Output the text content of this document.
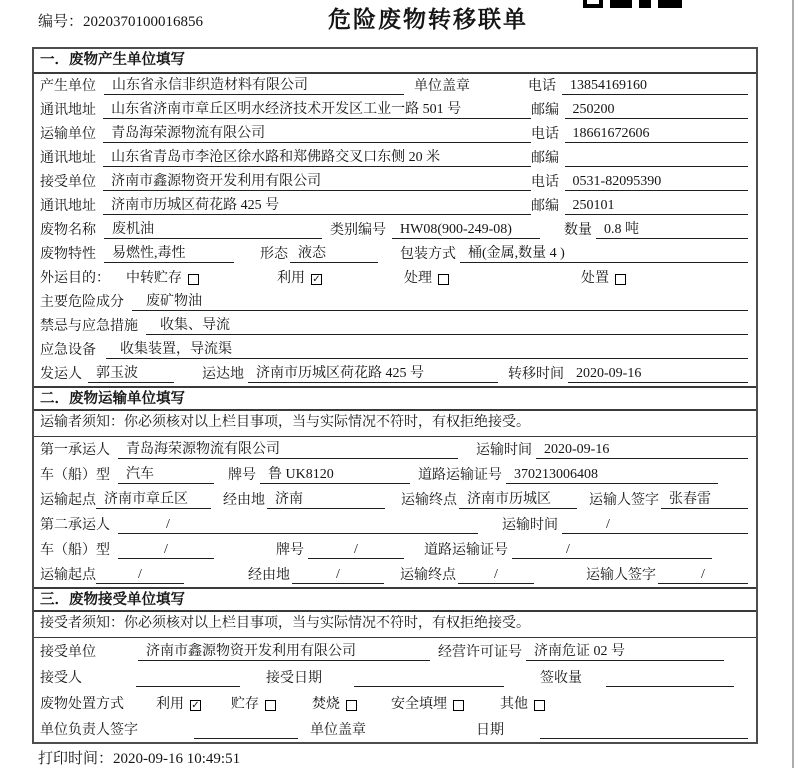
编号：2020370100016856	危险废物转移联单
一．废物产生单位填写
产生单位	山东省永信非织造材料有限公司	单位盖章	电话	13854169160
通讯地址	山东省济南市章丘区明水经济技术开发区工业一路 501 号	邮编 250200
运输单位	青岛海荣源物流有限公司	电话 18661672606
通讯地址	山东省青岛市李沧区徐水路和郑佛路交叉口东侧 20 米	邮编
接受单位	济南市鑫源物资开发利用有限公司	电话 0531-82095390
通讯地址	济南市历城区荷花路 425 号	邮编 250101
废物名称	废机油	类别编号	HW08(900-249-08)	数量 0.8 吨
废物特性	易燃性,毒性	形态 液态	包装方式 桶(金属,数量 4 )
外运目的： 中转贮存	利用 ✓	处理	处置
主要危险成分	废矿物油
禁忌与应急措施	收集、导流
应急设备	收集装置，导流渠
发运人	郭玉波	运达地 济南市历城区荷花路 425 号	转移时间 2020-09-16
二．废物运输单位填写
运输者须知：你必须核对以上栏目事项，当与实际情况不符时，有权拒绝接受。
第一承运人	青岛海荣源物流有限公司	运输时间 2020-09-16
车（船）型	汽车	牌号 鲁 UK8120	道路运输证号 370213006408
运输起点 济南市章丘区	经由地 济南	运输终点 济南市历城区	运输人签字 张春雷
第二承运人	/	运输时间	/
车（船）型	/	牌号	/	道路运输证号	/
运输起点	/	经由地	/	运输终点	/	运输人签字	/
三．废物接受单位填写
接受者须知：你必须核对以上栏目事项，当与实际情况不符时，有权拒绝接受。
接受单位	济南市鑫源物资开发利用有限公司	经营许可证号 济南危证 02 号
接受人	接受日期	签收量
废物处置方式 利用 ✓ 贮存	焚烧	安全填埋	其他
单位负责人签字	单位盖章	日期
打印时间：2020-09-16 10:49:51
